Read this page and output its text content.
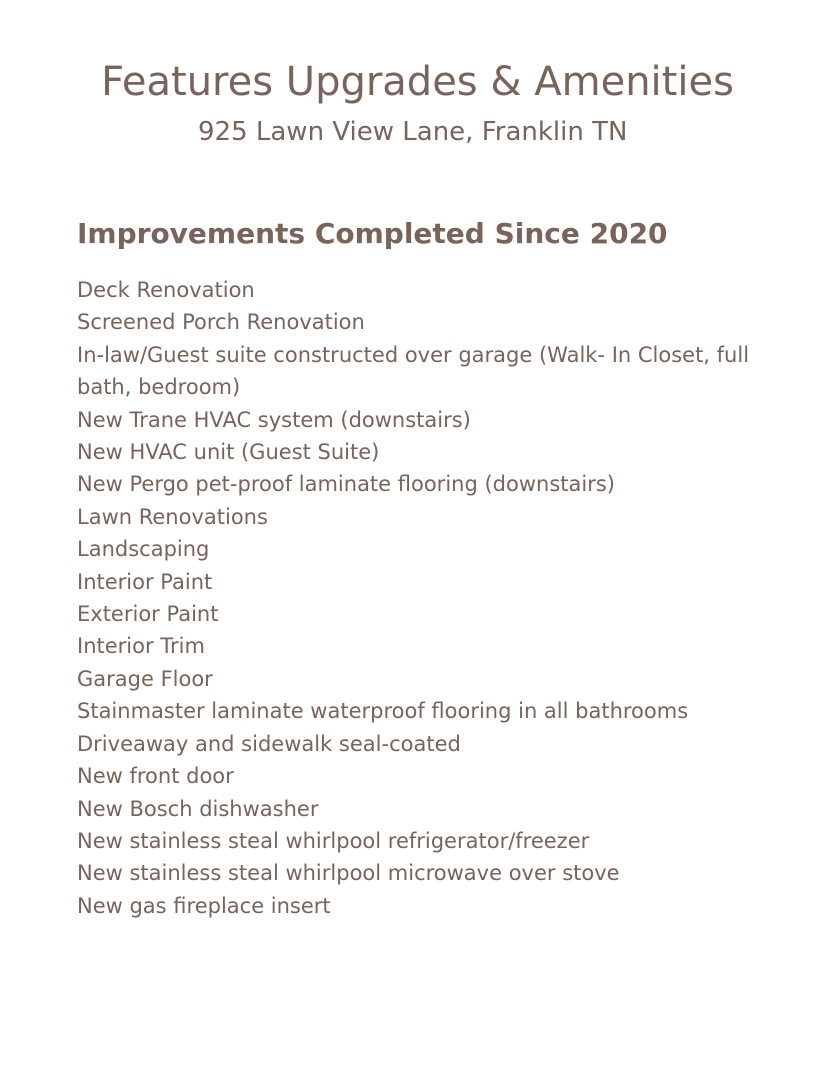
Features Upgrades & Amenities
925 Lawn View Lane, Franklin TN
Improvements Completed Since 2020
Deck Renovation
Screened Porch Renovation
In-law/Guest suite constructed over garage (Walk- In Closet, full bath, bedroom)
New Trane HVAC system (downstairs)
New HVAC unit (Guest Suite)
New Pergo pet-proof laminate flooring (downstairs)
Lawn Renovations
Landscaping
Interior Paint
Exterior Paint
Interior Trim
Garage Floor
Stainmaster laminate waterproof flooring in all bathrooms
Driveaway and sidewalk seal-coated
New front door
New Bosch dishwasher
New stainless steal whirlpool refrigerator/freezer
New stainless steal whirlpool microwave over stove
New gas fireplace insert
